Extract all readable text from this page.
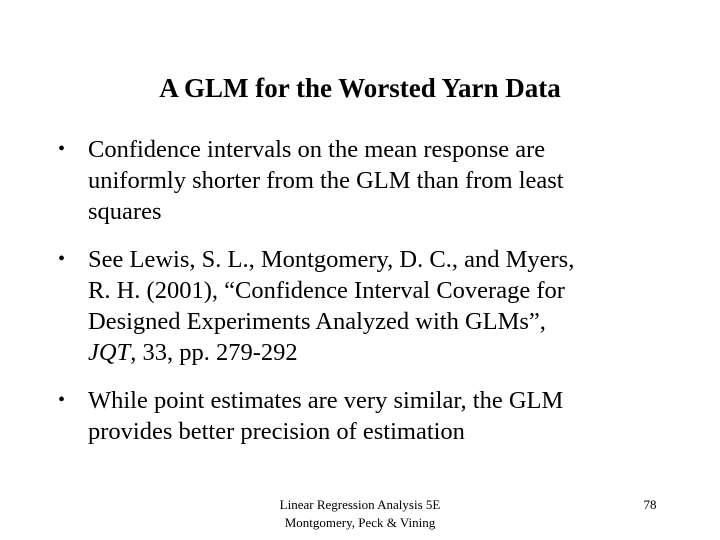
A GLM for the Worsted Yarn Data
• Confidence intervals on the mean response are
uniformly shorter from the GLM than from least
squares
• See Lewis, S. L., Montgomery, D. C., and Myers,
R. H. (2001), “Confidence Interval Coverage for
Designed Experiments Analyzed with GLMs”,
JQT, 33, pp. 279-292
• While point estimates are very similar, the GLM
provides better precision of estimation
Linear Regression Analysis 5E
Montgomery, Peck & Vining
78
